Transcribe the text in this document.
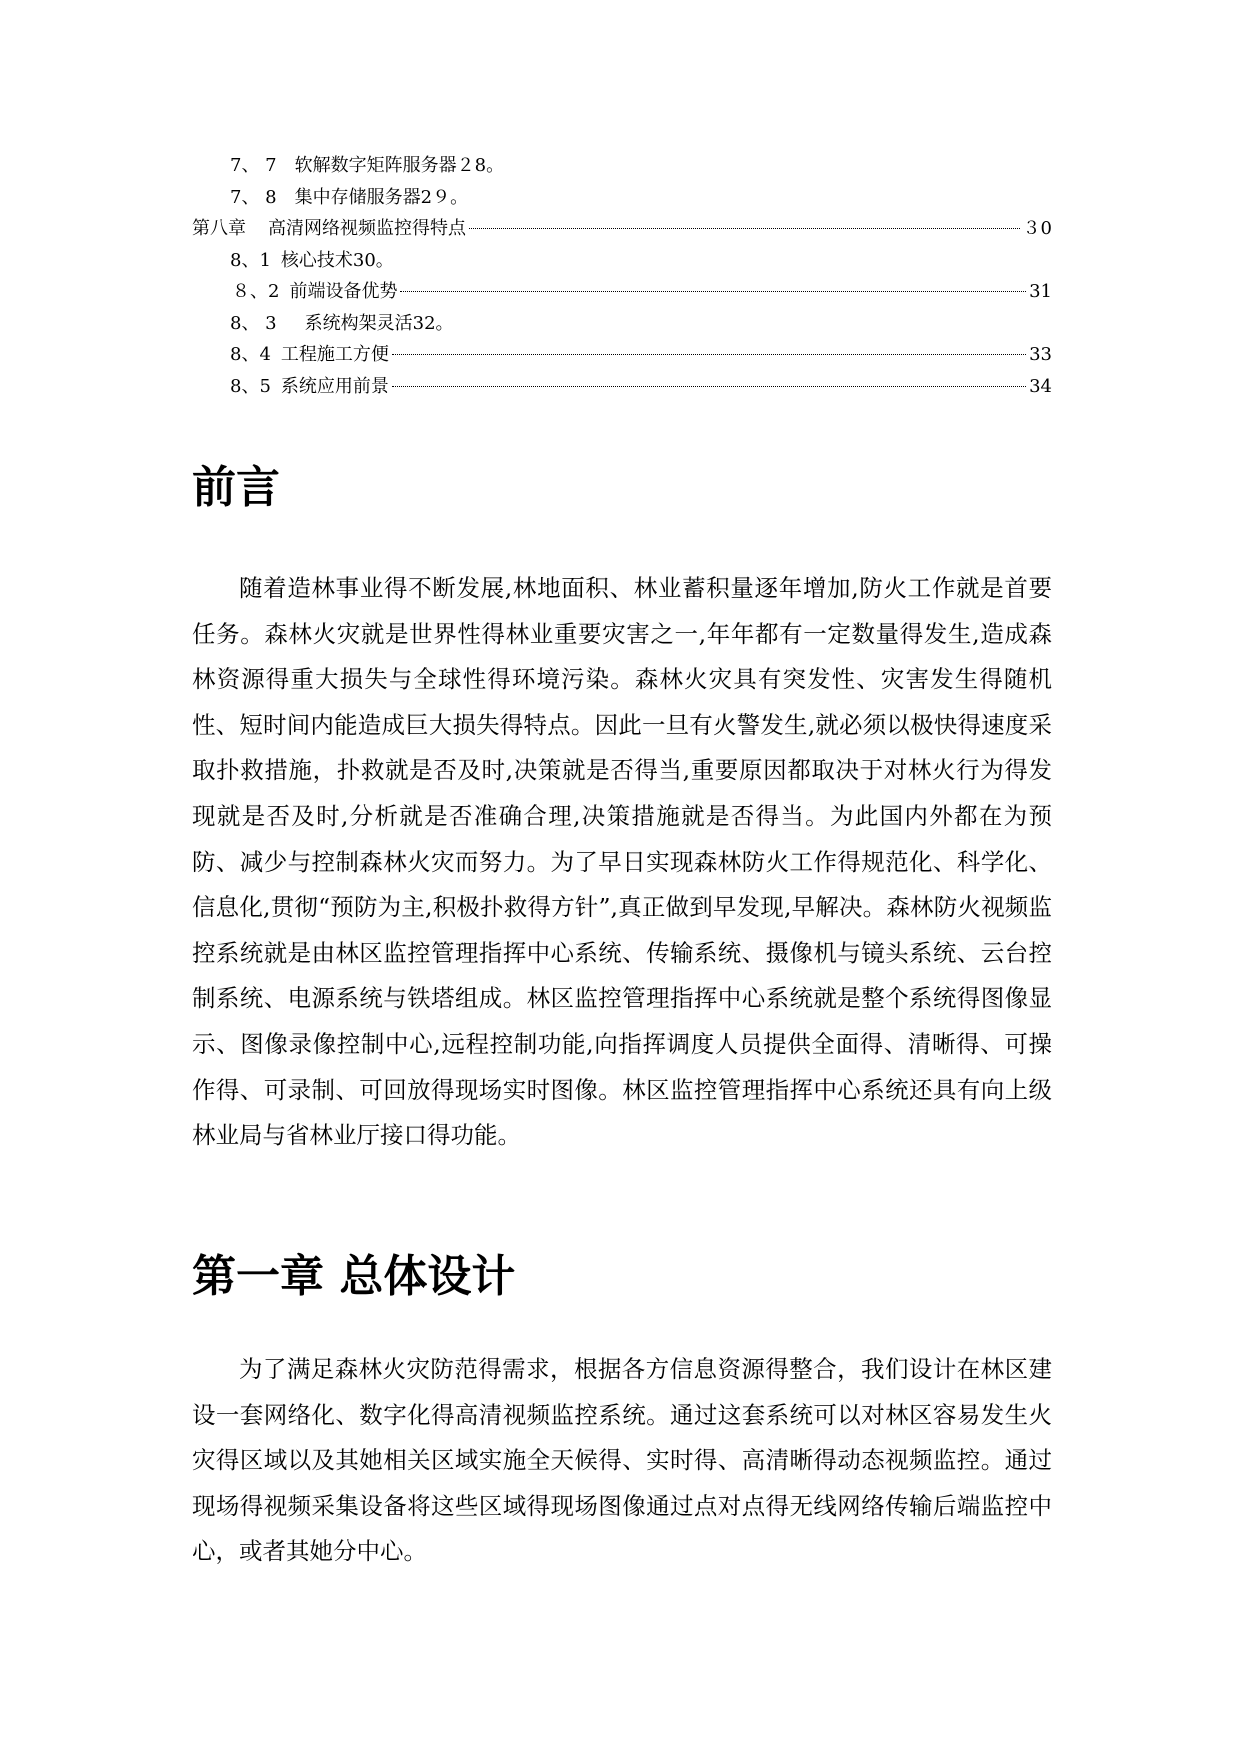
7、 7 软解数字矩阵服务器２8。
7、 8 集中存储服务器2９。
第八章 高清网络视频监控得特点	３0
8、1 核心技术30。
８、2 前端设备优势	31
8、 3 系统构架灵活32。
8、4 工程施工方便	33
8、5 系统应用前景	34
前言

随着造林事业得不断发展,林地面积、林业蓄积量逐年增加,防火工作就是首要任务。森林火灾就是世界性得林业重要灾害之一,年年都有一定数量得发生,造成森林资源得重大损失与全球性得环境污染。森林火灾具有突发性、灾害发生得随机性、短时间内能造成巨大损失得特点。因此一旦有火警发生,就必须以极快得速度采取扑救措施，扑救就是否及时,决策就是否得当,重要原因都取决于对林火行为得发现就是否及时,分析就是否准确合理,决策措施就是否得当。为此国内外都在为预防、减少与控制森林火灾而努力。为了早日实现森林防火工作得规范化、科学化、信息化,贯彻“预防为主,积极扑救得方针”,真正做到早发现,早解决。森林防火视频监控系统就是由林区监控管理指挥中心系统、传输系统、摄像机与镜头系统、云台控制系统、电源系统与铁塔组成。林区监控管理指挥中心系统就是整个系统得图像显示、图像录像控制中心,远程控制功能,向指挥调度人员提供全面得、清晰得、可操作得、可录制、可回放得现场实时图像。林区监控管理指挥中心系统还具有向上级林业局与省林业厅接口得功能。

第一章 总体设计

为了满足森林火灾防范得需求，根据各方信息资源得整合，我们设计在林区建设一套网络化、数字化得高清视频监控系统。通过这套系统可以对林区容易发生火灾得区域以及其她相关区域实施全天候得、实时得、高清晰得动态视频监控。通过现场得视频采集设备将这些区域得现场图像通过点对点得无线网络传输后端监控中心，或者其她分中心。
